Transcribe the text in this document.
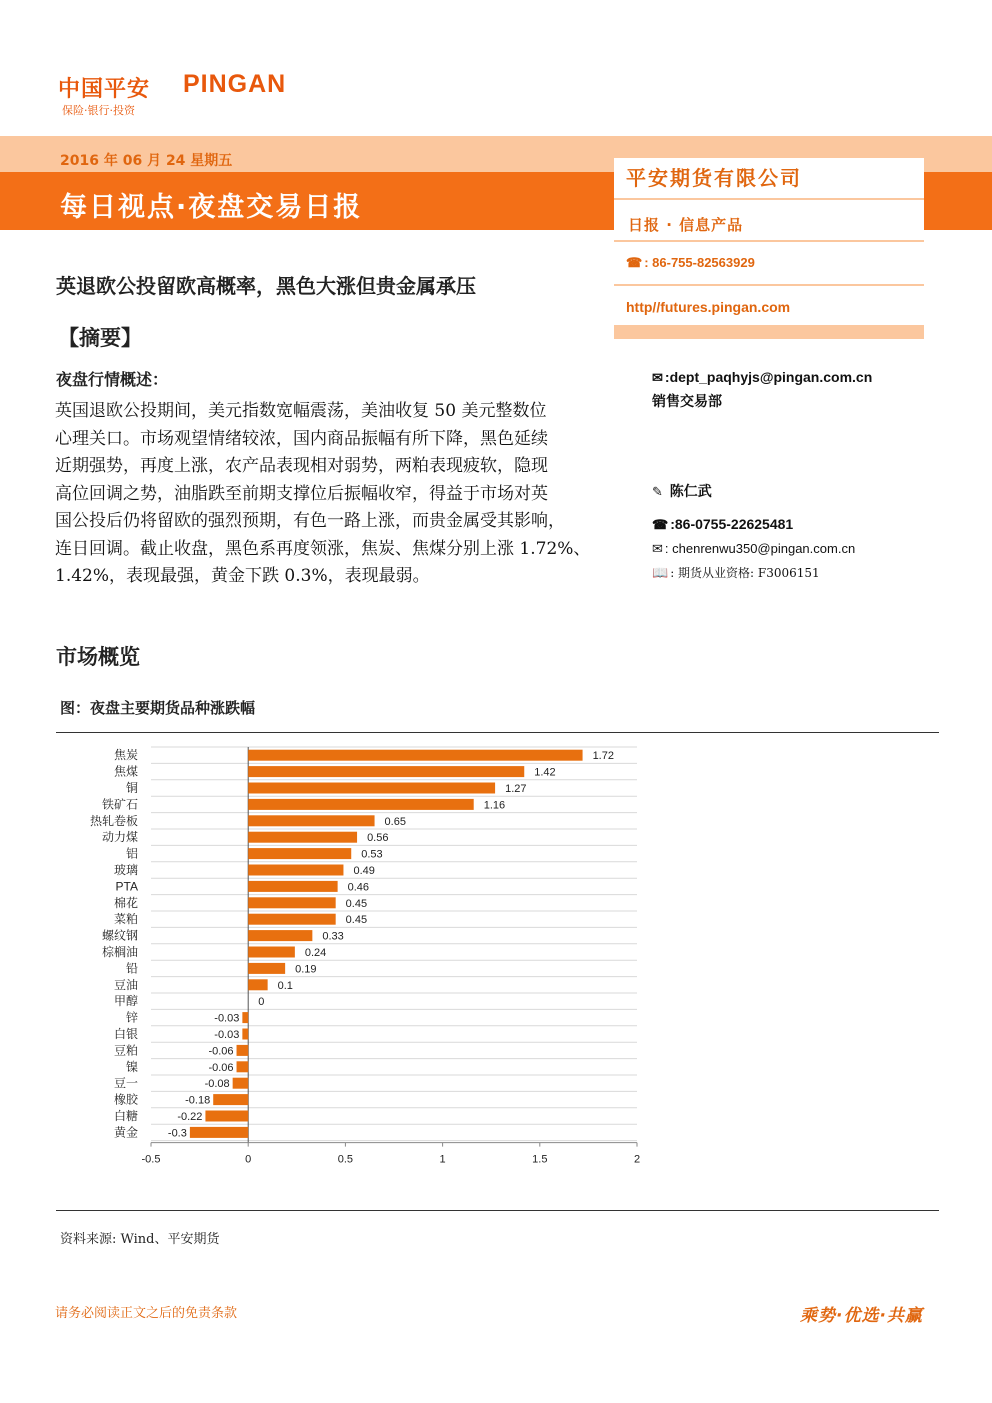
中国平安 PINGAN
保险·银行·投资
2016 年 06 月 24 星期五
每日视点·夜盘交易日报
平安期货有限公司
日报 · 信息产品
☎ : 86-755-82563929
http//futures.pingan.com
✉ :dept_paqhyjs@pingan.com.cn
销售交易部
✎ 陈仁武
☎ :86-0755-22625481
✉ : chenrenwu350@pingan.com.cn
📖 : 期货从业资格: F3006151
英退欧公投留欧高概率，黑色大涨但贵金属承压
【摘要】
夜盘行情概述：
英国退欧公投期间，美元指数宽幅震荡，美油收复 50 美元整数位
心理关口。市场观望情绪较浓，国内商品振幅有所下降，黑色延续
近期强势，再度上涨，农产品表现相对弱势，两粕表现疲软，隐现
高位回调之势，油脂跌至前期支撑位后振幅收窄，得益于市场对英
国公投后仍将留欧的强烈预期，有色一路上涨，而贵金属受其影响，
连日回调。截止收盘，黑色系再度领涨，焦炭、焦煤分别上涨 1.72%、
1.42%，表现最强，黄金下跌 0.3%，表现最弱。
市场概览
图：夜盘主要期货品种涨跌幅
-0.5	0	0.5	1	1.5	2
焦炭	1.72
焦煤	1.42
铜	1.27
铁矿石	1.16
热轧卷板	0.65
动力煤	0.56
铝	0.53
玻璃	0.49
PTA	0.46
棉花	0.45
菜粕	0.45
螺纹钢	0.33
棕榈油	0.24
铅	0.19
豆油	0.1
甲醇	0
锌	-0.03
白银	-0.03
豆粕	-0.06
镍	-0.06
豆一	-0.08
橡胶	-0.18
白糖	-0.22
黄金	-0.3
资料来源: Wind、平安期货
请务必阅读正文之后的免责条款	乘势·优选·共赢
